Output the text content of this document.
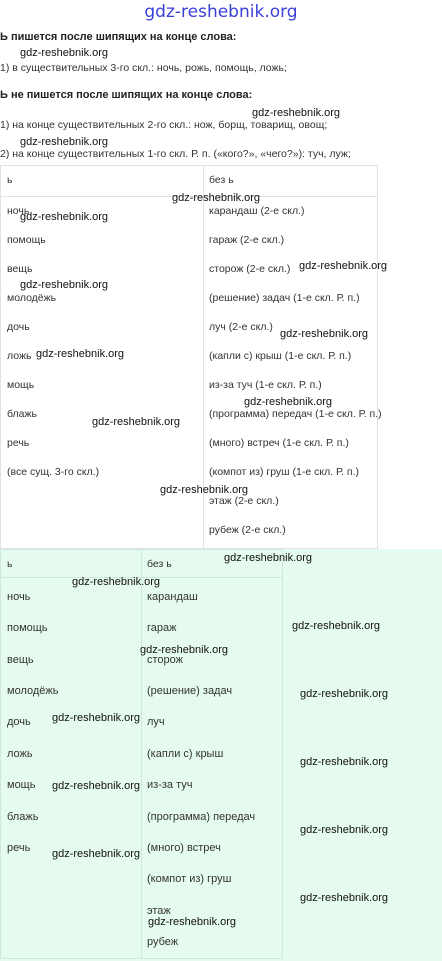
gdz-reshebnik.org
Ь пишется после шипящих на конце слова:
1) в существительных 3-го скл.: ночь, рожь, помощь, ложь;
Ь не пишется после шипящих на конце слова:
1) на конце существительных 2-го скл.: нож, борщ, товарищ, овощ;
2) на конце существительных 1-го скл. Р. п. («кого?», «чего?»): туч, луж;
ь	без ь
ночь
помощь
вещь
молодёжь
дочь
ложь
мощь
блажь
речь
(все сущ. 3-го скл.)
карандаш (2-е скл.)
гараж (2-е скл.)
сторож (2-е скл.)
(решение) задач (1-е скл. Р. п.)
луч (2-е скл.)
(капли с) крыш (1-е скл. Р. п.)
из-за туч (1-е скл. Р. п.)
(программа) передач (1-е скл. Р. п.)
(много) встреч (1-е скл. Р. п.)
(компот из) груш (1-е скл. Р. п.)
этаж (2-е скл.)
рубеж (2-е скл.)
ь	без ь
ночь
помощь
вещь
молодёжь
дочь
ложь
мощь
блажь
речь
карандаш
гараж
сторож
(решение) задач
луч
(капли с) крыш
из-за туч
(программа) передач
(много) встреч
(компот из) груш
этаж
рубеж
gdz-reshebnik.org
gdz-reshebnik.org
gdz-reshebnik.org
gdz-reshebnik.org
gdz-reshebnik.org
gdz-reshebnik.org
gdz-reshebnik.org
gdz-reshebnik.org
gdz-reshebnik.org
gdz-reshebnik.org
gdz-reshebnik.org
gdz-reshebnik.org
gdz-reshebnik.org
gdz-reshebnik.org
gdz-reshebnik.org
gdz-reshebnik.org
gdz-reshebnik.org
gdz-reshebnik.org
gdz-reshebnik.org
gdz-reshebnik.org
gdz-reshebnik.org
gdz-reshebnik.org
gdz-reshebnik.org
gdz-reshebnik.org
